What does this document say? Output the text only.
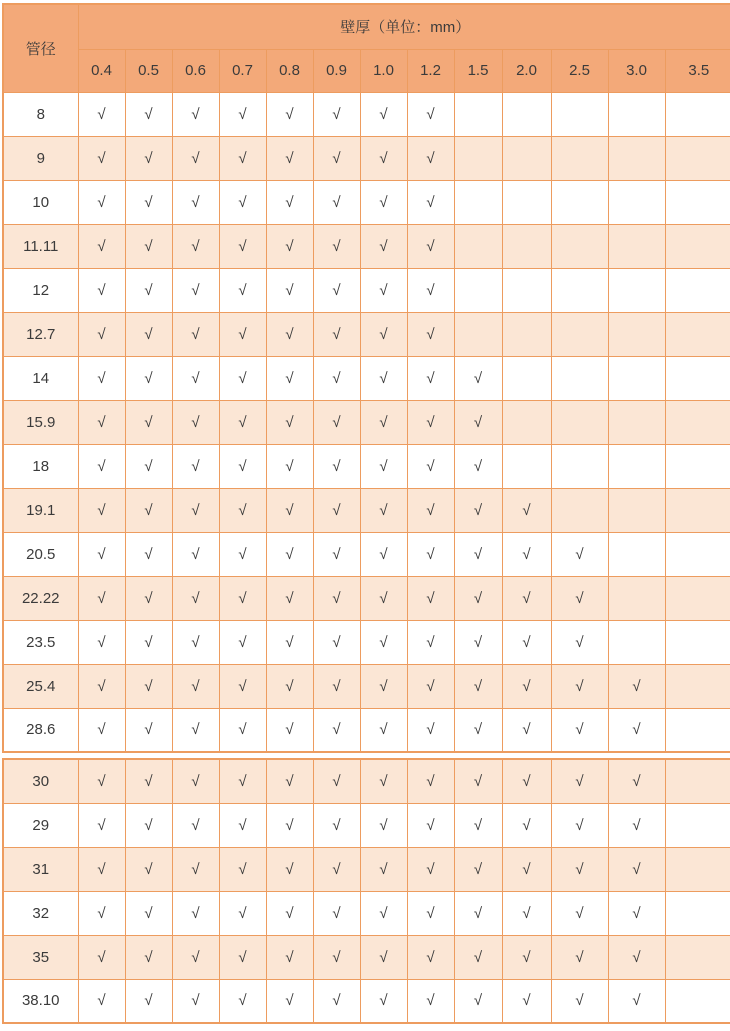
管径	壁厚（单位：mm）												
	0.4	0.5	0.6	0.7	0.8	0.9	1.0	1.2	1.5	2.0	2.5	3.0	3.5
8	√	√	√	√	√	√	√	√					
9	√	√	√	√	√	√	√	√					
10	√	√	√	√	√	√	√	√					
11.11	√	√	√	√	√	√	√	√					
12	√	√	√	√	√	√	√	√					
12.7	√	√	√	√	√	√	√	√					
14	√	√	√	√	√	√	√	√	√				
15.9	√	√	√	√	√	√	√	√	√				
18	√	√	√	√	√	√	√	√	√				
19.1	√	√	√	√	√	√	√	√	√	√			
20.5	√	√	√	√	√	√	√	√	√	√	√		
22.22	√	√	√	√	√	√	√	√	√	√	√		
23.5	√	√	√	√	√	√	√	√	√	√	√		
25.4	√	√	√	√	√	√	√	√	√	√	√	√	
28.6	√	√	√	√	√	√	√	√	√	√	√	√	
30	√	√	√	√	√	√	√	√	√	√	√	√	
29	√	√	√	√	√	√	√	√	√	√	√	√	
31	√	√	√	√	√	√	√	√	√	√	√	√	
32	√	√	√	√	√	√	√	√	√	√	√	√	
35	√	√	√	√	√	√	√	√	√	√	√	√	
38.10	√	√	√	√	√	√	√	√	√	√	√	√	
